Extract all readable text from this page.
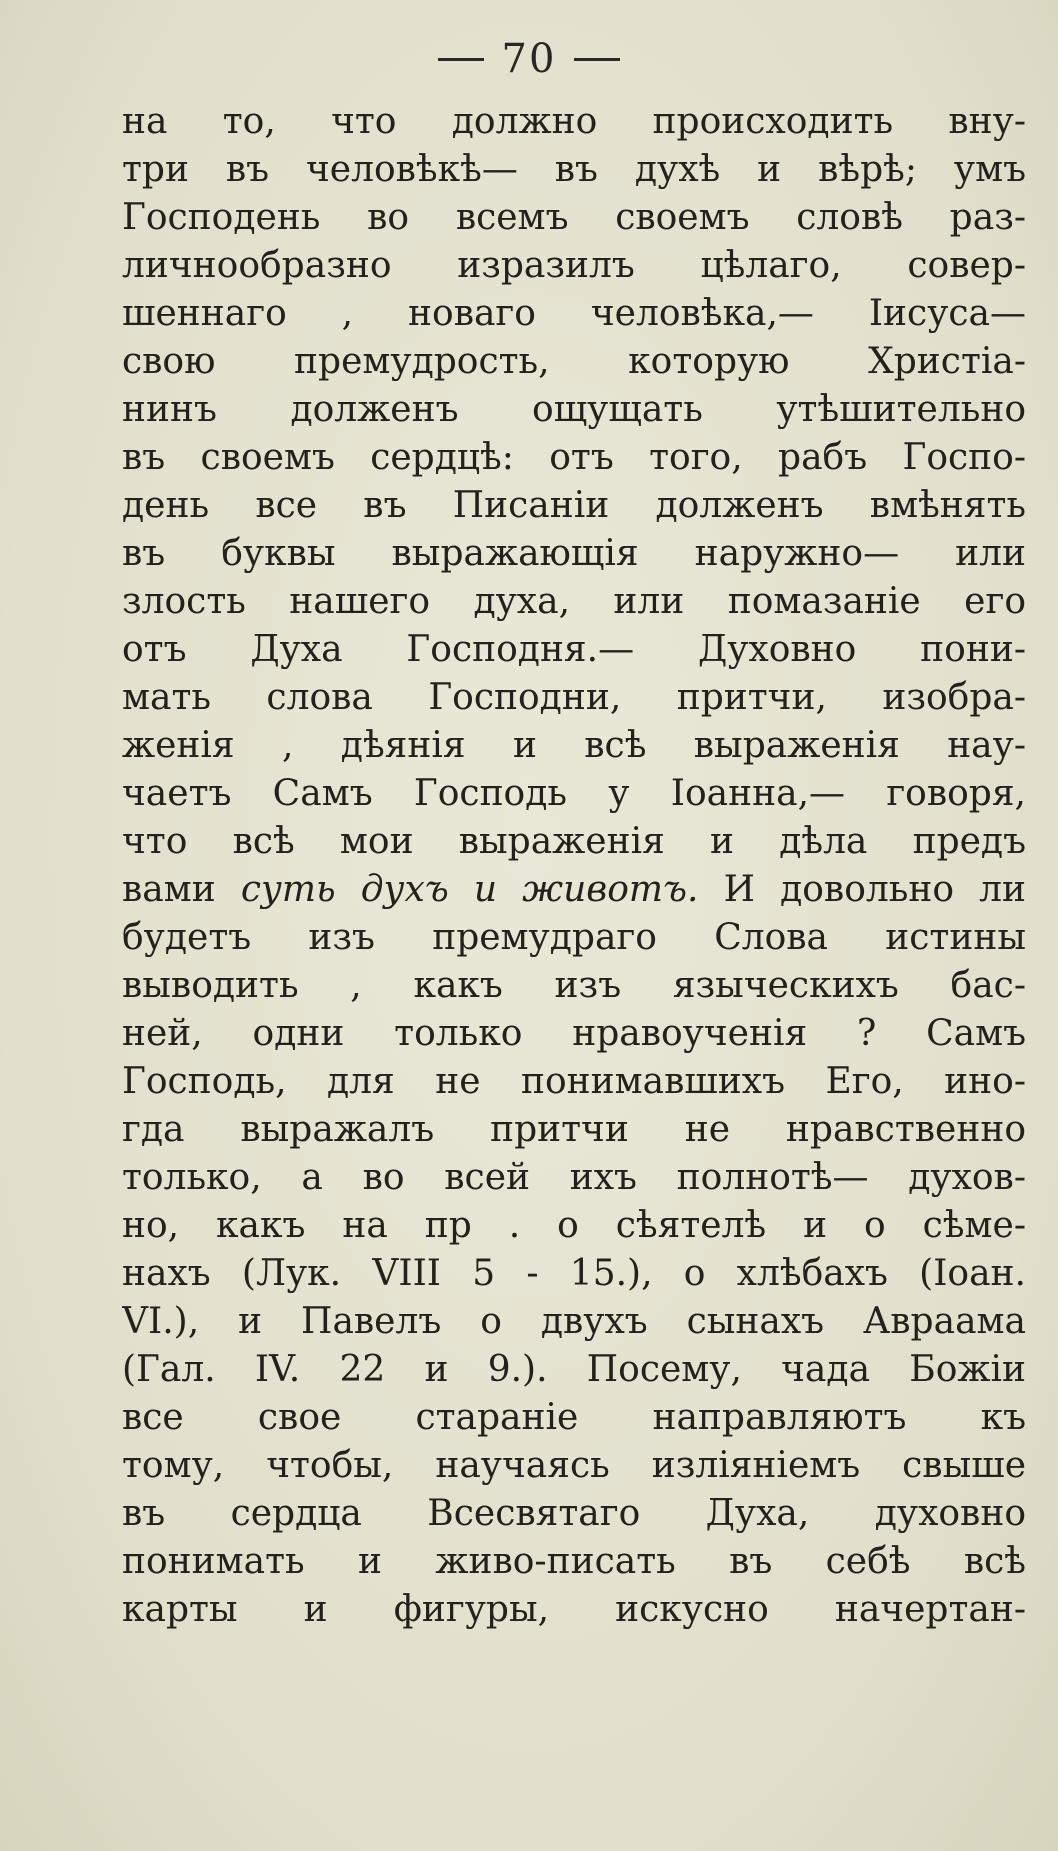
70
на то, что должно происходить вну-
три въ человѣкѣ— въ духѣ и вѣрѣ; умъ
Господень во всемъ своемъ словѣ раз-
личнообразно изразилъ цѣлаго, совер-
шеннаго , новаго человѣка,— Іисуса—
свою премудрость, которую Христіа-
нинъ долженъ ощущать утѣшительно
въ своемъ сердцѣ: отъ того, рабъ Госпо-
день все въ Писаніи долженъ вмѣнять
въ буквы выражающія наружно— или
злость нашего духа, или помазаніе его
отъ Духа Господня.— Духовно пони-
мать слова Господни, притчи, изобра-
женія , дѣянія и всѣ выраженія нау-
чаетъ Самъ Господь у Іоанна,— говоря,
что всѣ мои выраженія и дѣла предъ
вами суть духъ и животъ. И довольно ли
будетъ изъ премудраго Слова истины
выводить , какъ изъ языческихъ бас-
ней, одни только нравоученія ? Самъ
Господь, для не понимавшихъ Его, ино-
гда выражалъ притчи не нравственно
только, а во всей ихъ полнотѣ— духов-
но, какъ на пр . о сѣятелѣ и о сѣме-
нахъ (Лук. VIII 5 - 15.), о хлѣбахъ (Іоан.
VI.), и Павелъ о двухъ сынахъ Авраама
(Гал. IV. 22 и 9.). Посему, чада Божіи
все свое стараніе направляютъ къ
тому, чтобы, научаясь изліяніемъ свыше
въ сердца Всесвятаго Духа, духовно
понимать и живо-писать въ себѣ всѣ
карты и фигуры, искусно начертан-
